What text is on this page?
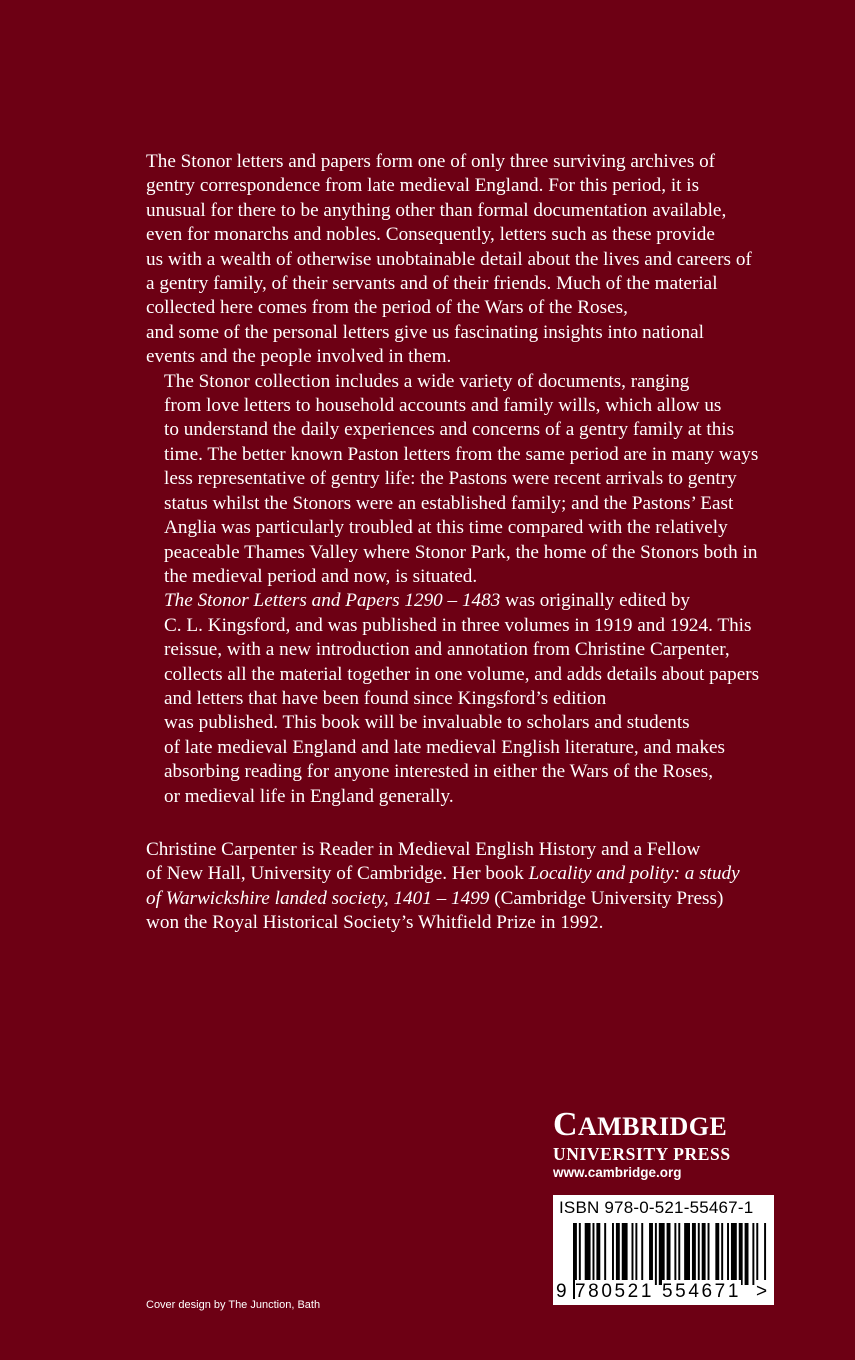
The Stonor letters and papers form one of only three surviving archives of
gentry correspondence from late medieval England. For this period, it is
unusual for there to be anything other than formal documentation available,
even for monarchs and nobles. Consequently, letters such as these provide
us with a wealth of otherwise unobtainable detail about the lives and careers of
a gentry family, of their servants and of their friends. Much of the material
collected here comes from the period of the Wars of the Roses,
and some of the personal letters give us fascinating insights into national
events and the people involved in them.

The Stonor collection includes a wide variety of documents, ranging
from love letters to household accounts and family wills, which allow us
to understand the daily experiences and concerns of a gentry family at this
time. The better known Paston letters from the same period are in many ways
less representative of gentry life: the Pastons were recent arrivals to gentry
status whilst the Stonors were an established family; and the Pastons’ East
Anglia was particularly troubled at this time compared with the relatively
peaceable Thames Valley where Stonor Park, the home of the Stonors both in
the medieval period and now, is situated.

The Stonor Letters and Papers 1290 – 1483 was originally edited by
C. L. Kingsford, and was published in three volumes in 1919 and 1924. This
reissue, with a new introduction and annotation from Christine Carpenter,
collects all the material together in one volume, and adds details about papers
and letters that have been found since Kingsford’s edition
was published. This book will be invaluable to scholars and students
of late medieval England and late medieval English literature, and makes
absorbing reading for anyone interested in either the Wars of the Roses,
or medieval life in England generally.

Christine Carpenter is Reader in Medieval English History and a Fellow
of New Hall, University of Cambridge. Her book Locality and polity: a study
of Warwickshire landed society, 1401 – 1499 (Cambridge University Press)
won the Royal Historical Society’s Whitfield Prize in 1992.
CAMBRIDGE
UNIVERSITY PRESS
www.cambridge.org
ISBN 978-0-521-55467-1
9 780521 554671 >
Cover design by The Junction, Bath
